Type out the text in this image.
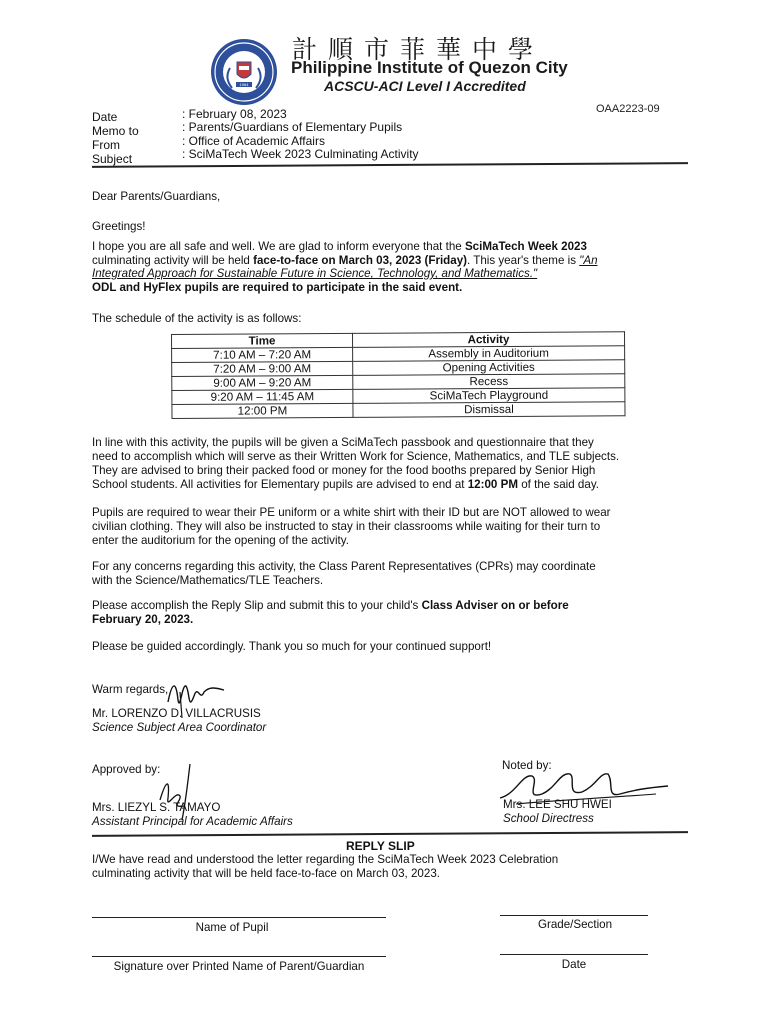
1964
計順市菲華中學
Philippine Institute of Quezon City
ACSCU-ACI Level I Accredited
OAA2223-09
Date	: February 08, 2023
Memo to	: Parents/Guardians of Elementary Pupils
From	: Office of Academic Affairs
Subject	: SciMaTech Week 2023 Culminating Activity
Dear Parents/Guardians,
Greetings!
I hope you are all safe and well. We are glad to inform everyone that the SciMaTech Week 2023
culminating activity will be held face-to-face on March 03, 2023 (Friday). This year's theme is "An
Integrated Approach for Sustainable Future in Science, Technology, and Mathematics."
ODL and HyFlex pupils are required to participate in the said event.
The schedule of the activity is as follows:
Time	Activity
7:10 AM – 7:20 AM	Assembly in Auditorium
7:20 AM – 9:00 AM	Opening Activities
9:00 AM – 9:20 AM	Recess
9:20 AM – 11:45 AM	SciMaTech Playground
12:00 PM	Dismissal
In line with this activity, the pupils will be given a SciMaTech passbook and questionnaire that they
need to accomplish which will serve as their Written Work for Science, Mathematics, and TLE subjects.
They are advised to bring their packed food or money for the food booths prepared by Senior High
School students. All activities for Elementary pupils are advised to end at 12:00 PM of the said day.
Pupils are required to wear their PE uniform or a white shirt with their ID but are NOT allowed to wear
civilian clothing. They will also be instructed to stay in their classrooms while waiting for their turn to
enter the auditorium for the opening of the activity.
For any concerns regarding this activity, the Class Parent Representatives (CPRs) may coordinate
with the Science/Mathematics/TLE Teachers.
Please accomplish the Reply Slip and submit this to your child's Class Adviser on or before
February 20, 2023.
Please be guided accordingly. Thank you so much for your continued support!
Warm regards,
Mr. LORENZO D. VILLACRUSIS
Science Subject Area Coordinator
Approved by:
Mrs. LIEZYL S. TAMAYO
Assistant Principal for Academic Affairs
Noted by:
Mrs. LEE SHU HWEI
School Directress
REPLY SLIP
I/We have read and understood the letter regarding the SciMaTech Week 2023 Celebration
culminating activity that will be held face-to-face on March 03, 2023.
Name of Pupil	Grade/Section
Signature over Printed Name of Parent/Guardian	Date
